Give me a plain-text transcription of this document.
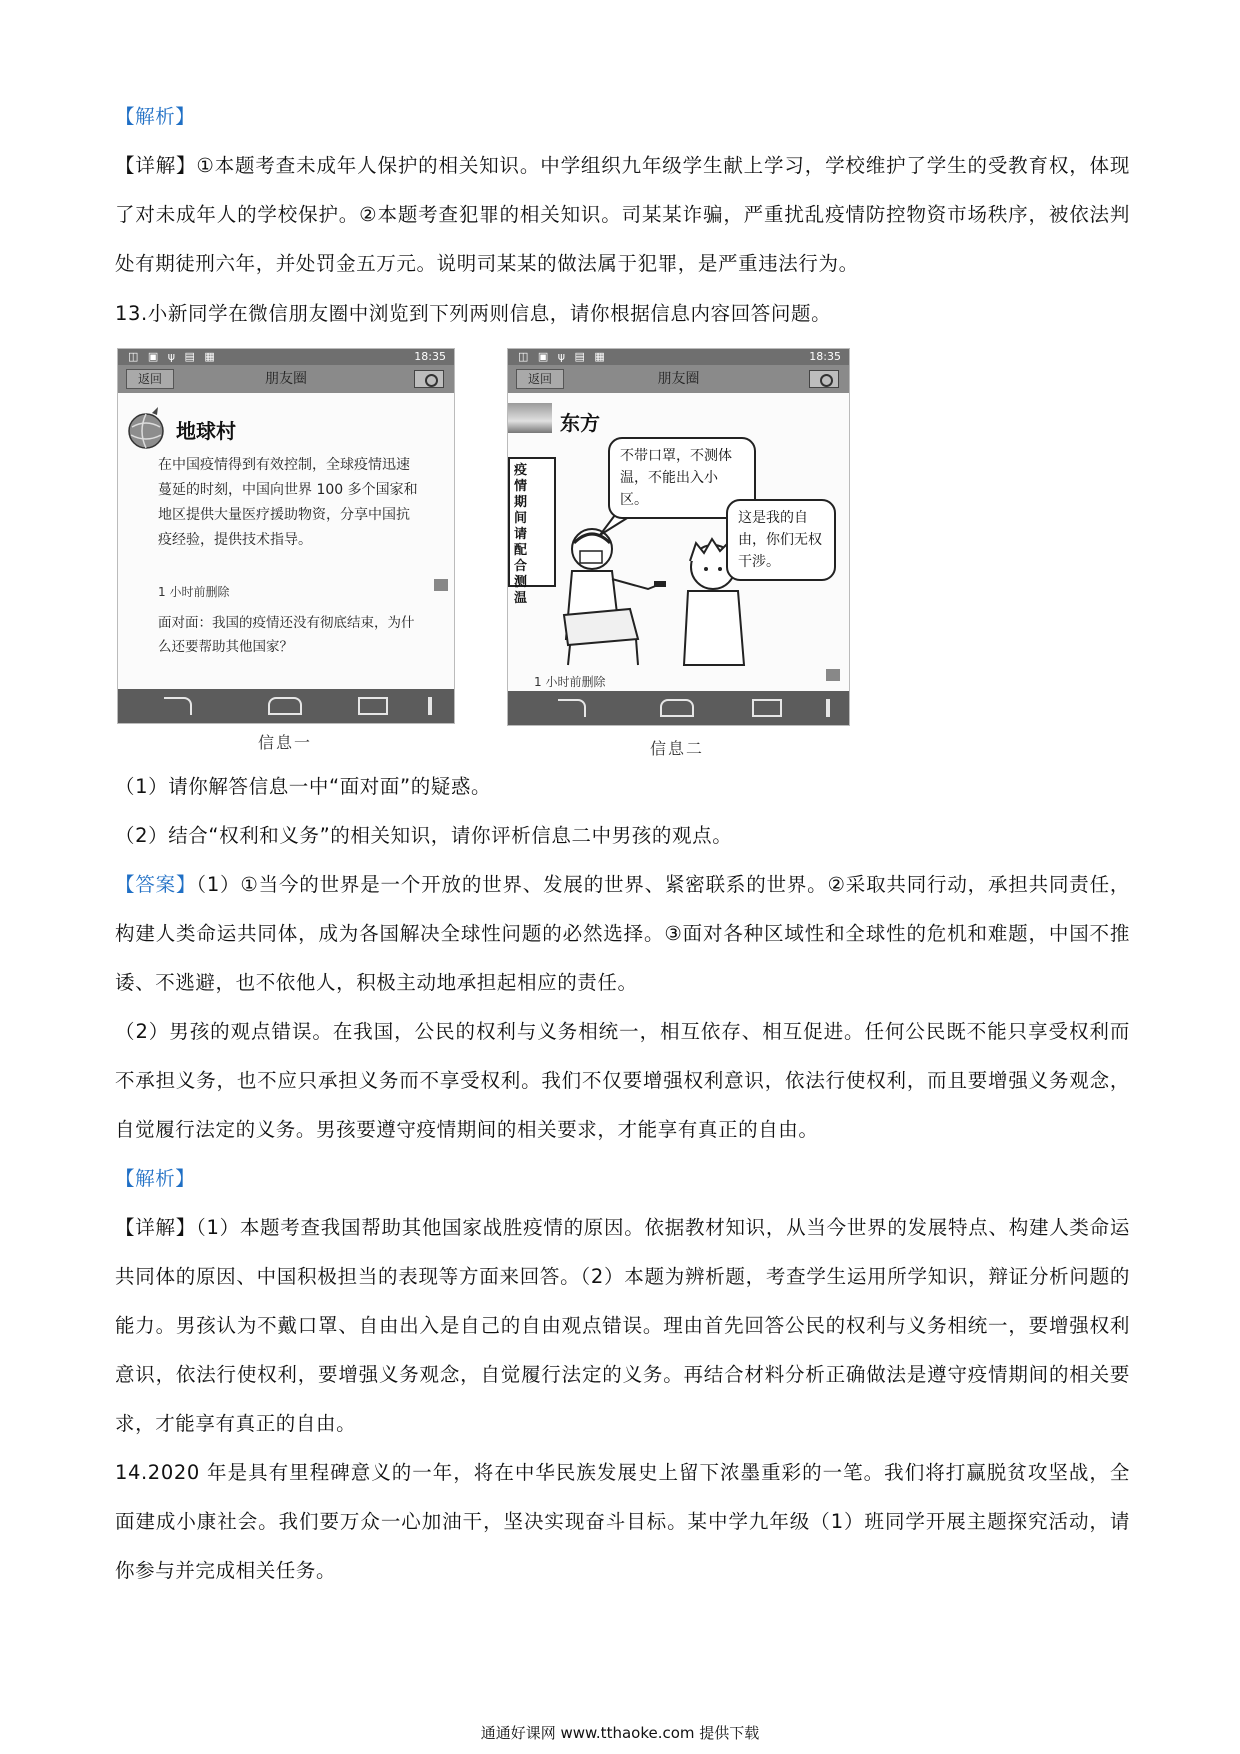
【解析】
【详解】①本题考查未成年人保护的相关知识。中学组织九年级学生献上学习，学校维护了学生的受教育权，体现了对未成年人的学校保护。②本题考查犯罪的相关知识。司某某诈骗，严重扰乱疫情防控物资市场秩序，被依法判处有期徒刑六年，并处罚金五万元。说明司某某的做法属于犯罪，是严重违法行为。
13.小新同学在微信朋友圈中浏览到下列两则信息，请你根据信息内容回答问题。
◫ ▣ ψ ▤ ▦	18:35
返回	朋友圈
地球村
在中国疫情得到有效控制，全球疫情迅速蔓延的时刻，中国向世界 100 多个国家和地区提供大量医疗援助物资，分享中国抗疫经验，提供技术指导。
1 小时前删除
面对面：我国的疫情还没有彻底结束，为什么还要帮助其他国家？
信息一
◫ ▣ ψ ▤ ▦	18:35
返回	朋友圈
东方
疫情期间 请配合测温
不带口罩，不测体温，不能出入小区。
这是我的自由，你们无权干涉。
1 小时前删除
信息二
（1）请你解答信息一中“面对面”的疑惑。
（2）结合“权利和义务”的相关知识，请你评析信息二中男孩的观点。
【答案】（1）①当今的世界是一个开放的世界、发展的世界、紧密联系的世界。②采取共同行动，承担共同责任，构建人类命运共同体，成为各国解决全球性问题的必然选择。③面对各种区域性和全球性的危机和难题，中国不推诿、不逃避，也不依他人，积极主动地承担起相应的责任。
（2）男孩的观点错误。在我国，公民的权利与义务相统一，相互依存、相互促进。任何公民既不能只享受权利而不承担义务，也不应只承担义务而不享受权利。我们不仅要增强权利意识，依法行使权利，而且要增强义务观念，自觉履行法定的义务。男孩要遵守疫情期间的相关要求，才能享有真正的自由。
【解析】
【详解】（1）本题考查我国帮助其他国家战胜疫情的原因。依据教材知识，从当今世界的发展特点、构建人类命运共同体的原因、中国积极担当的表现等方面来回答。（2）本题为辨析题，考查学生运用所学知识，辩证分析问题的能力。男孩认为不戴口罩、自由出入是自己的自由观点错误。理由首先回答公民的权利与义务相统一，要增强权利意识，依法行使权利，要增强义务观念，自觉履行法定的义务。再结合材料分析正确做法是遵守疫情期间的相关要求，才能享有真正的自由。
14.2020 年是具有里程碑意义的一年，将在中华民族发展史上留下浓墨重彩的一笔。我们将打赢脱贫攻坚战，全面建成小康社会。我们要万众一心加油干，坚决实现奋斗目标。某中学九年级（1）班同学开展主题探究活动，请你参与并完成相关任务。
通通好课网 www.tthaoke.com 提供下载
